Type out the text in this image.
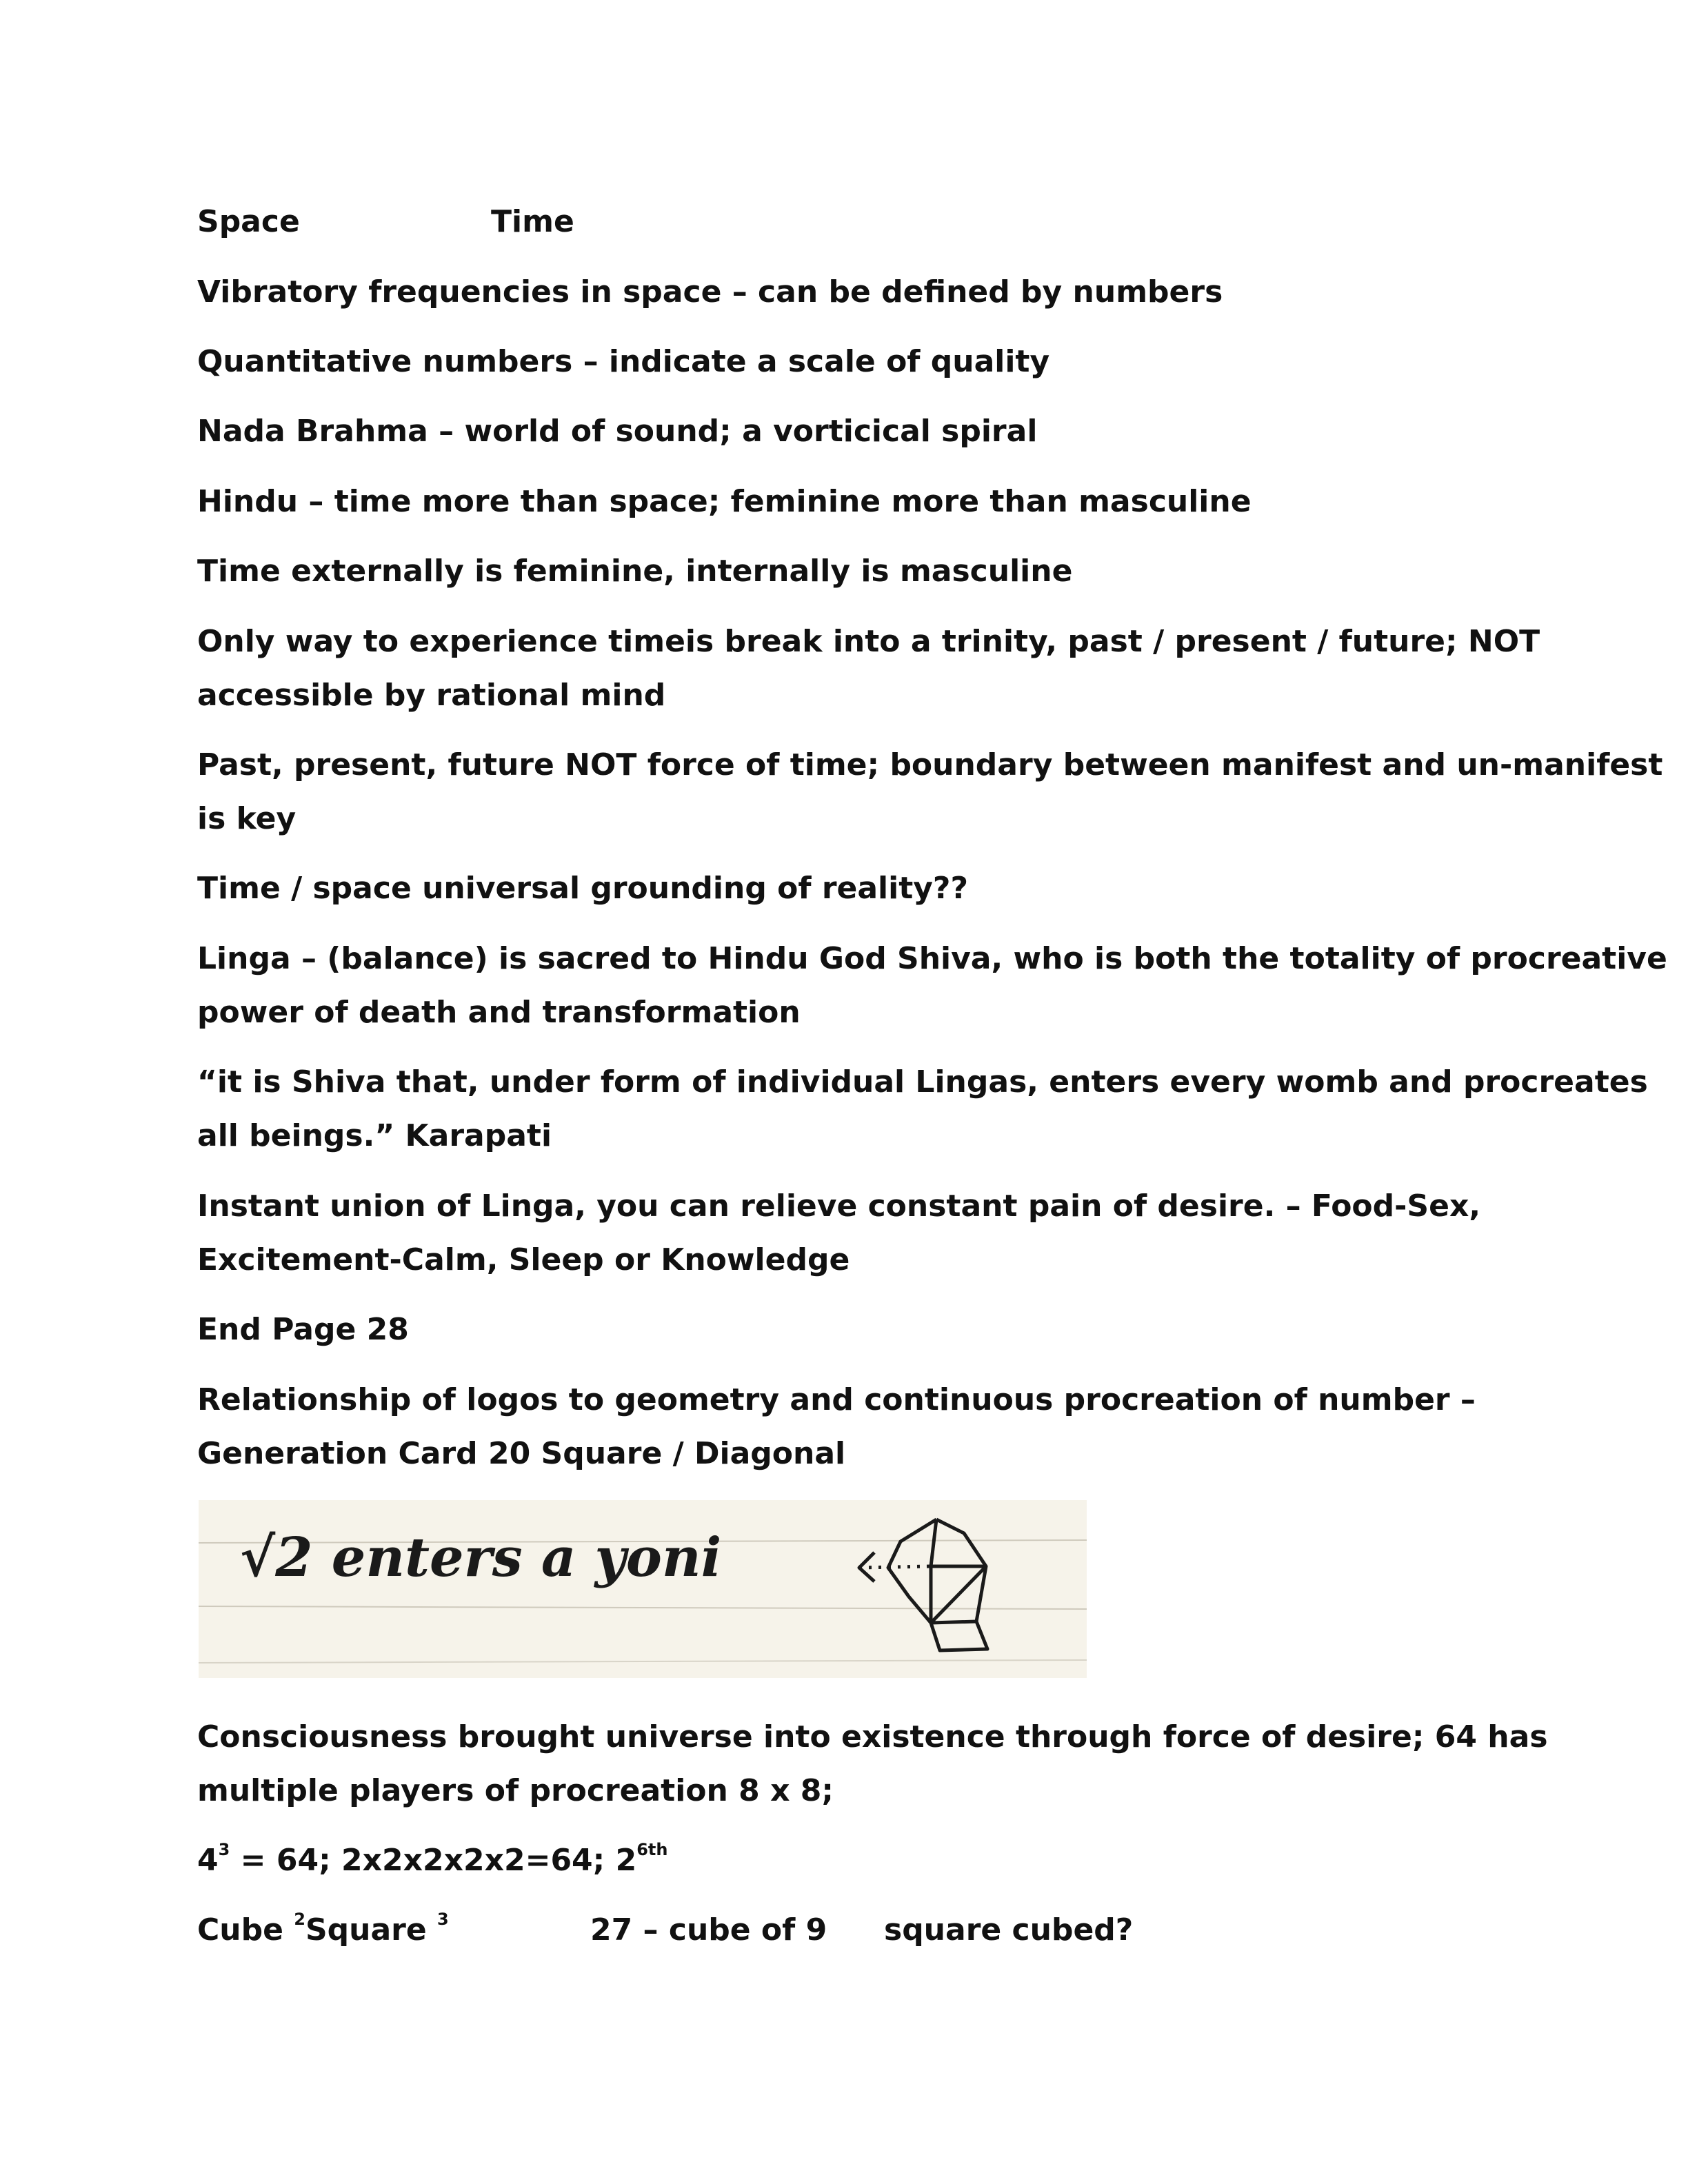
Space	Time
Vibratory frequencies in space – can be defined by numbers
Quantitative numbers – indicate a scale of quality
Nada Brahma – world of sound; a vorticical spiral
Hindu – time more than space; feminine more than masculine
Time externally is feminine, internally is masculine
Only way to experience timeis break into a trinity, past / present / future; NOT
accessible by rational mind
Past, present, future NOT force of time; boundary between manifest and un-manifest
is key
Time / space universal grounding of reality??
Linga – (balance) is sacred to Hindu God Shiva, who is both the totality of procreative
power of death and transformation
“it is Shiva that, under form of individual Lingas, enters every womb and procreates
all beings.” Karapati
Instant union of Linga, you can relieve constant pain of desire. – Food-Sex,
Excitement-Calm, Sleep or Knowledge
End Page 28
Relationship of logos to geometry and continuous procreation of number –
Generation Card 20 Square / Diagonal
√2 enters a yoni
Consciousness brought universe into existence through force of desire; 64 has
multiple players of procreation 8 x 8;
$4^3 = 64$; 2x2x2x2x2=64; $2^{6th}$
Cube $^2$Square $^3$	27 – cube of 9 square cubed?
